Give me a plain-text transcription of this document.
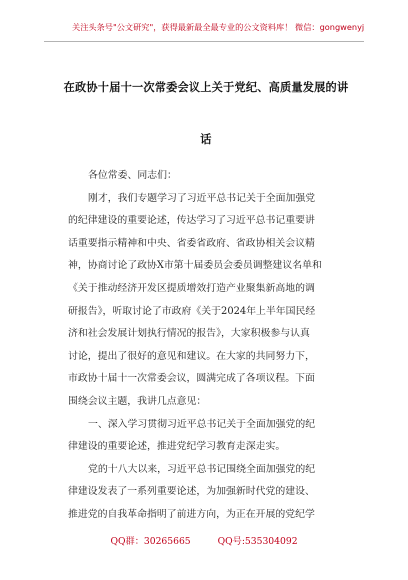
关注头条号"公文研究"，获得最新最全最专业的公文资料库！ 微信：gongwenyj
在政协十届十一次常委会议上关于党纪、高质量发展的讲
话

各位常委、同志们：

刚才，我们专题学习了习近平总书记关于全面加强党

的纪律建设的重要论述，传达学习了习近平总书记重要讲

话重要指示精神和中央、省委省政府、省政协相关会议精

神，协商讨论了政协X市第十届委员会委员调整建议名单和

《关于推动经济开发区提质增效打造产业聚集新高地的调

研报告》，听取讨论了市政府《关于2024年上半年国民经

济和社会发展计划执行情况的报告》，大家积极参与认真

讨论，提出了很好的意见和建议。在大家的共同努力下，

市政协十届十一次常委会议，圆满完成了各项议程。下面

围绕会议主题，我讲几点意见：

一、深入学习贯彻习近平总书记关于全面加强党的纪

律建设的重要论述，推进党纪学习教育走深走实。

党的十八大以来，习近平总书记围绕全面加强党的纪

律建设发表了一系列重要论述，为加强新时代党的建设、

推进党的自我革命指明了前进方向，为正在开展的党纪学

QQ群：30265665	QQ号:535304092
